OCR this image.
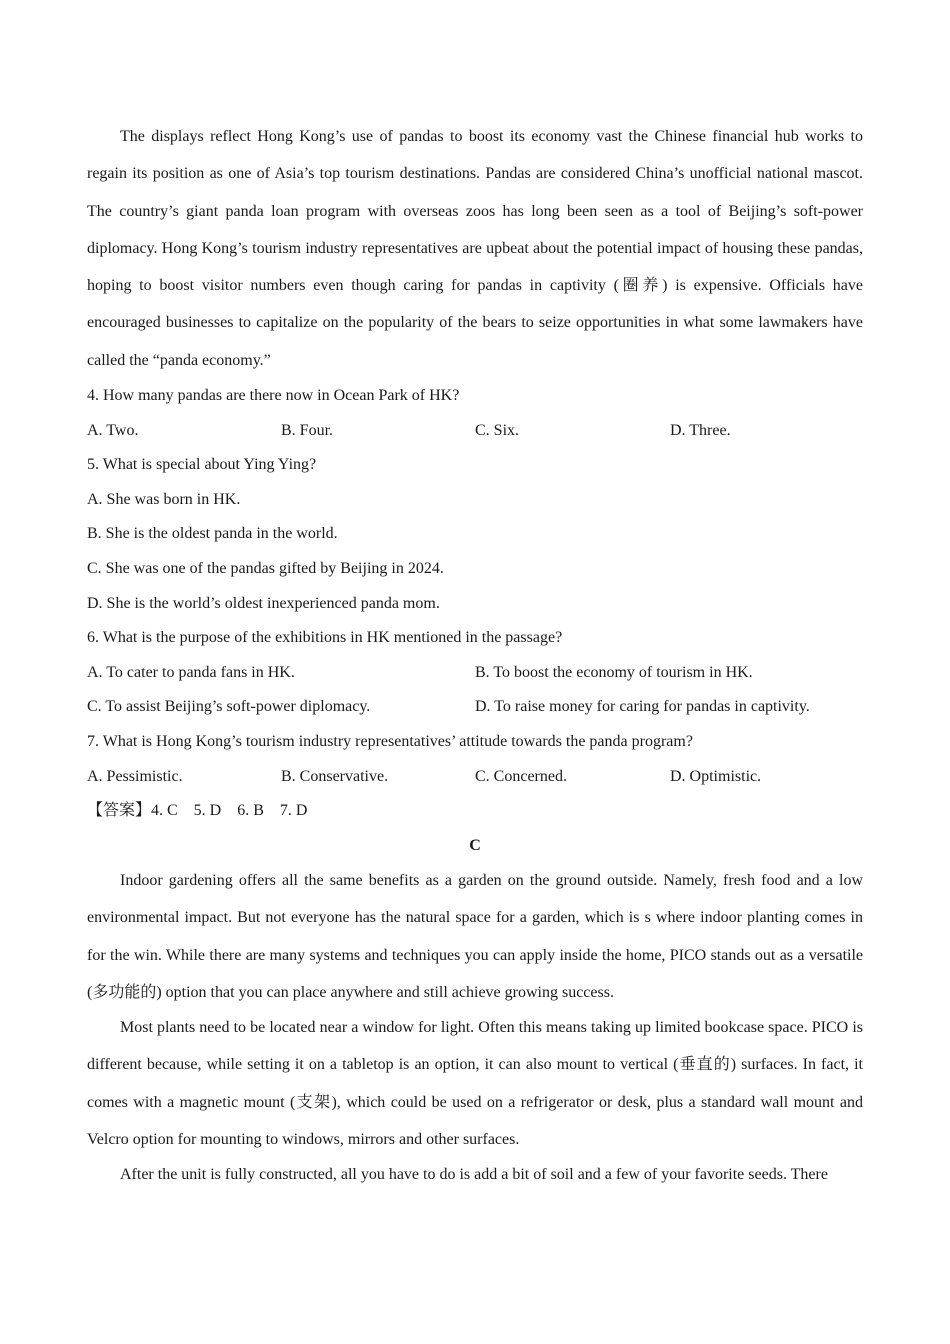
The displays reflect Hong Kong’s use of pandas to boost its economy vast the Chinese financial hub works to regain its position as one of Asia’s top tourism destinations. Pandas are considered China’s unofficial national mascot. The country’s giant panda loan program with overseas zoos has long been seen as a tool of Beijing’s soft-power diplomacy. Hong Kong’s tourism industry representatives are upbeat about the potential impact of housing these pandas, hoping to boost visitor numbers even though caring for pandas in captivity (圈养) is expensive. Officials have encouraged businesses to capitalize on the popularity of the bears to seize opportunities in what some lawmakers have called the “panda economy.”

4. How many pandas are there now in Ocean Park of HK?
A. Two.	B. Four.	C. Six.	D. Three.
5. What is special about Ying Ying?
A. She was born in HK.
B. She is the oldest panda in the world.
C. She was one of the pandas gifted by Beijing in 2024.
D. She is the world’s oldest inexperienced panda mom.
6. What is the purpose of the exhibitions in HK mentioned in the passage?
A. To cater to panda fans in HK.	B. To boost the economy of tourism in HK.
C. To assist Beijing’s soft-power diplomacy.	D. To raise money for caring for pandas in captivity.
7. What is Hong Kong’s tourism industry representatives’ attitude towards the panda program?
A. Pessimistic.	B. Conservative.	C. Concerned.	D. Optimistic.
【答案】4. C    5. D    6. B    7. D
C

Indoor gardening offers all the same benefits as a garden on the ground outside. Namely, fresh food and a low environmental impact. But not everyone has the natural space for a garden, which is s where indoor planting comes in for the win. While there are many systems and techniques you can apply inside the home, PICO stands out as a versatile (多功能的) option that you can place anywhere and still achieve growing success.

Most plants need to be located near a window for light. Often this means taking up limited bookcase space. PICO is different because, while setting it on a tabletop is an option, it can also mount to vertical (垂直的) surfaces. In fact, it comes with a magnetic mount (支架), which could be used on a refrigerator or desk, plus a standard wall mount and Velcro option for mounting to windows, mirrors and other surfaces.

After the unit is fully constructed, all you have to do is add a bit of soil and a few of your favorite seeds. There
